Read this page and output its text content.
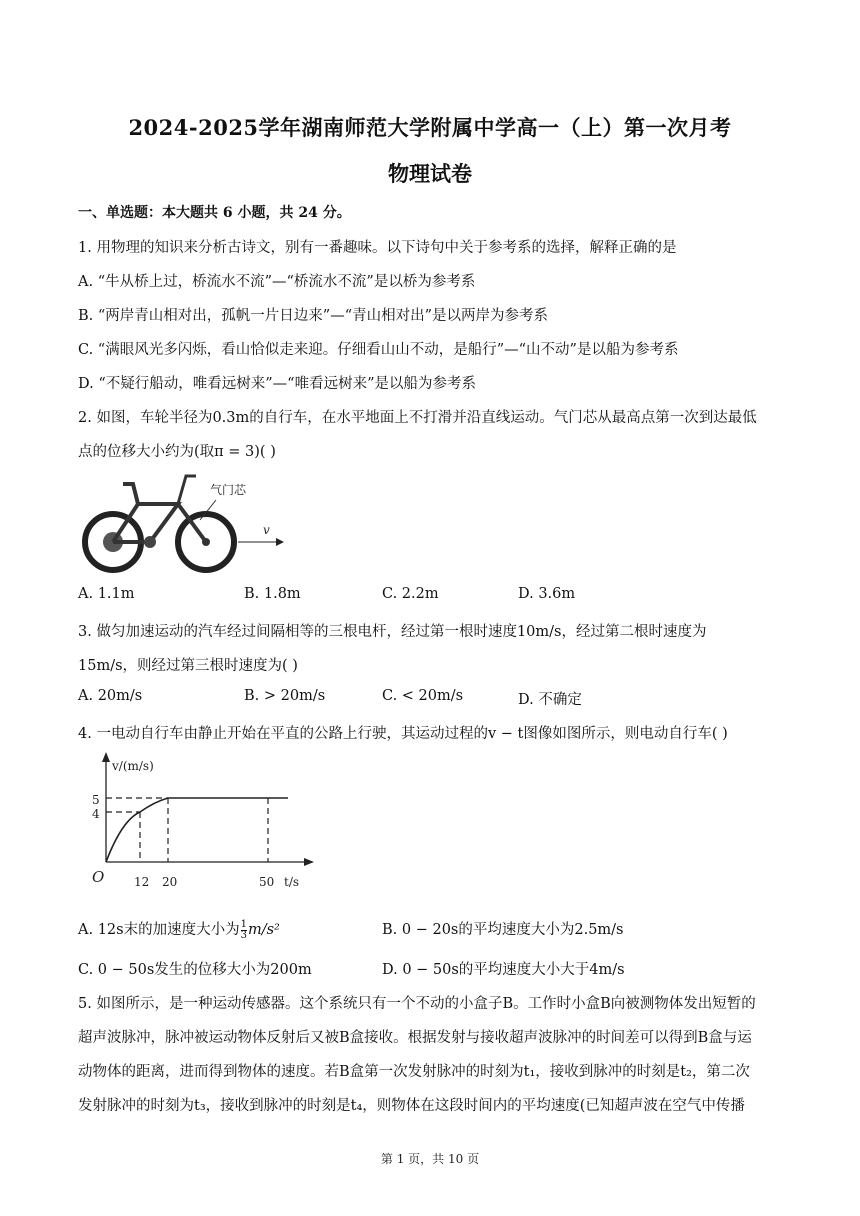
2024-2025学年湖南师范大学附属中学高一（上）第一次月考
物理试卷
一、单选题：本大题共 6 小题，共 24 分。
1. 用物理的知识来分析古诗文，别有一番趣味。以下诗句中关于参考系的选择，解释正确的是
A. “牛从桥上过，桥流水不流”—“桥流水不流”是以桥为参考系
B. “两岸青山相对出，孤帆一片日边来”—“青山相对出”是以两岸为参考系
C. “满眼风光多闪烁，看山恰似走来迎。仔细看山山不动，是船行”—“山不动”是以船为参考系
D. “不疑行船动，唯看远树来”—“唯看远树来”是以船为参考系
2. 如图，车轮半径为0.3m的自行车，在水平地面上不打滑并沿直线运动。气门芯从最高点第一次到达最低
点的位移大小约为(取π = 3)( )
气门芯
v
A. 1.1m	B. 1.8m	C. 2.2m	D. 3.6m
3. 做匀加速运动的汽车经过间隔相等的三根电杆，经过第一根时速度10m/s，经过第二根时速度为
15m/s，则经过第三根时速度为( )
A. 20m/s	B. > 20m/s	C. < 20m/s	D. 不确定
4. 一电动自行车由静止开始在平直的公路上行驶，其运动过程的v − t图像如图所示，则电动自行车( )
v/(m/s)
t/s
O
5
4
12 20	50
A. 12s末的加速度大小为 $\frac{1}{3} m/s^2$	B. 0 − 20s的平均速度大小为2.5m/s
C. 0 − 50s发生的位移大小为200m	D. 0 − 50s的平均速度大小大于4m/s
5. 如图所示，是一种运动传感器。这个系统只有一个不动的小盒子B。工作时小盒B向被测物体发出短暂的
超声波脉冲，脉冲被运动物体反射后又被B盒接收。根据发射与接收超声波脉冲的时间差可以得到B盒与运
动物体的距离，进而得到物体的速度。若B盒第一次发射脉冲的时刻为t₁，接收到脉冲的时刻是t₂，第二次
发射脉冲的时刻为t₃，接收到脉冲的时刻是t₄，则物体在这段时间内的平均速度(已知超声波在空气中传播
第 1 页，共 10 页
